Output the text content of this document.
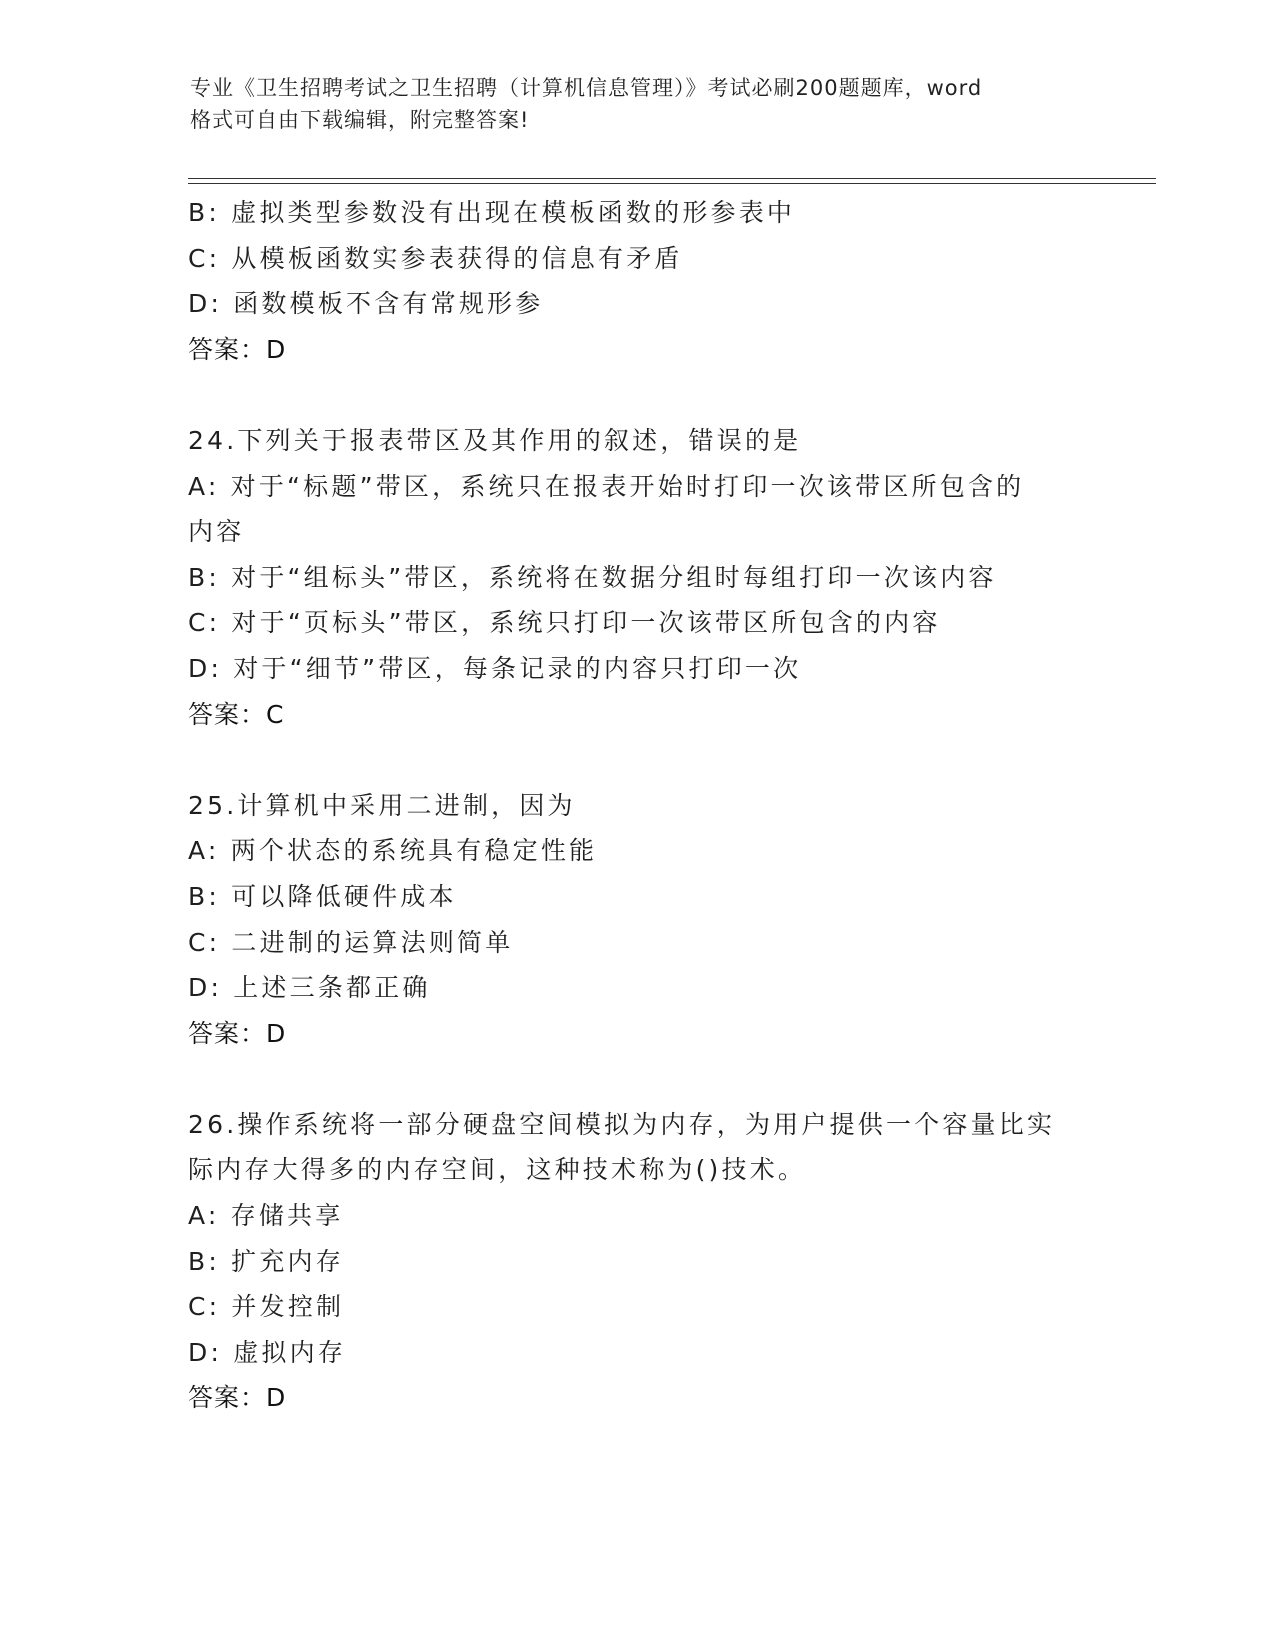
专业《卫生招聘考试之卫生招聘（计算机信息管理）》考试必刷200题题库，word
格式可自由下载编辑，附完整答案!
B: 虚拟类型参数没有出现在模板函数的形参表中
C: 从模板函数实参表获得的信息有矛盾
D: 函数模板不含有常规形参
答案：D
24.下列关于报表带区及其作用的叙述，错误的是
A: 对于“标题”带区，系统只在报表开始时打印一次该带区所包含的
内容
B: 对于“组标头”带区，系统将在数据分组时每组打印一次该内容
C: 对于“页标头”带区，系统只打印一次该带区所包含的内容
D: 对于“细节”带区，每条记录的内容只打印一次
答案：C
25.计算机中采用二进制，因为
A: 两个状态的系统具有稳定性能
B: 可以降低硬件成本
C: 二进制的运算法则简单
D: 上述三条都正确
答案：D
26.操作系统将一部分硬盘空间模拟为内存，为用户提供一个容量比实
际内存大得多的内存空间，这种技术称为()技术。
A: 存储共享
B: 扩充内存
C: 并发控制
D: 虚拟内存
答案：D
